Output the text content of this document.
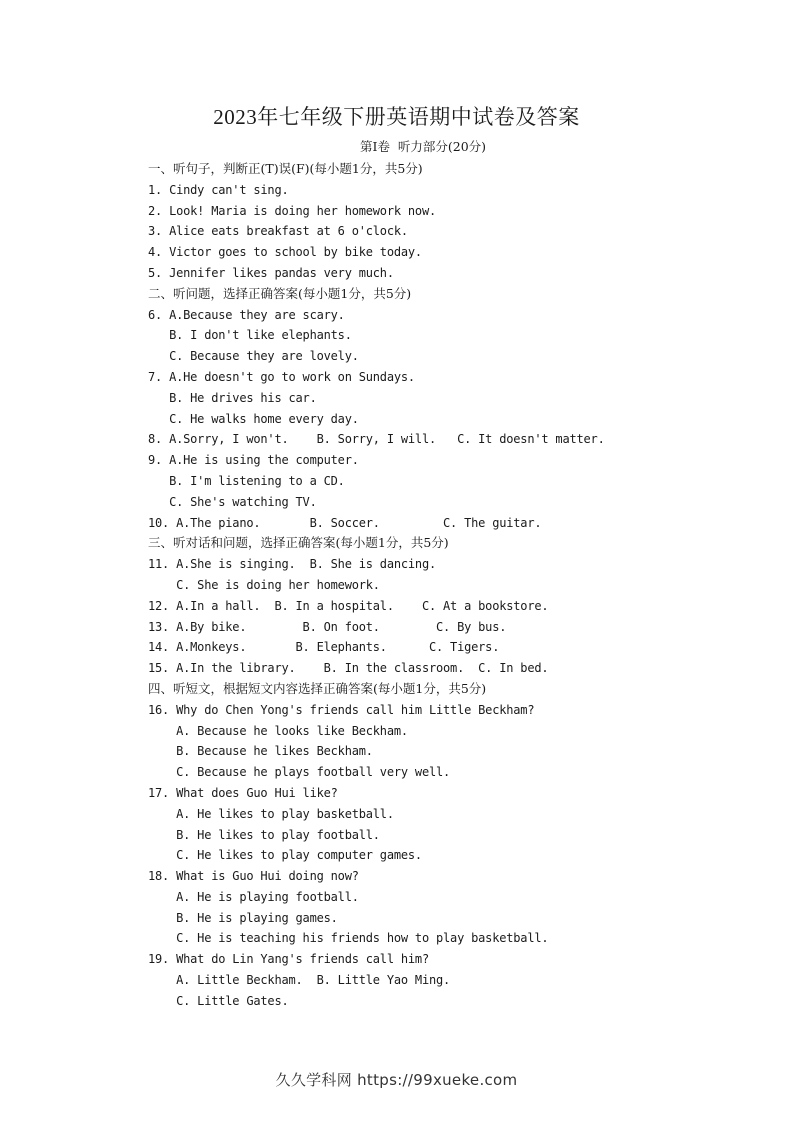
2023年七年级下册英语期中试卷及答案
第Ⅰ卷  听力部分(20分)
一、听句子，判断正(T)误(F)(每小题1分，共5分)
1. Cindy can't sing.
2. Look! Maria is doing her homework now.
3. Alice eats breakfast at 6 o'clock.
4. Victor goes to school by bike today.
5. Jennifer likes pandas very much.
二、听问题，选择正确答案(每小题1分，共5分)
6. A.Because they are scary.
B. I don't like elephants.
C. Because they are lovely.
7. A.He doesn't go to work on Sundays.
B. He drives his car.
C. He walks home every day.
8. A.Sorry, I won't.    B. Sorry, I will.   C. It doesn't matter.
9. A.He is using the computer.
B. I'm listening to a CD.
C. She's watching TV.
10. A.The piano.       B. Soccer.         C. The guitar.
三、听对话和问题，选择正确答案(每小题1分，共5分)
11. A.She is singing.  B. She is dancing.
C. She is doing her homework.
12. A.In a hall.  B. In a hospital.    C. At a bookstore.
13. A.By bike.        B. On foot.        C. By bus.
14. A.Monkeys.       B. Elephants.      C. Tigers.
15. A.In the library.    B. In the classroom.  C. In bed.
四、听短文，根据短文内容选择正确答案(每小题1分，共5分)
16. Why do Chen Yong's friends call him Little Beckham?
A. Because he looks like Beckham.
B. Because he likes Beckham.
C. Because he plays football very well.
17. What does Guo Hui like?
A. He likes to play basketball.
B. He likes to play football.
C. He likes to play computer games.
18. What is Guo Hui doing now?
A. He is playing football.
B. He is playing games.
C. He is teaching his friends how to play basketball.
19. What do Lin Yang's friends call him?
A. Little Beckham.  B. Little Yao Ming.
C. Little Gates.
久久学科网 https://99xueke.com
